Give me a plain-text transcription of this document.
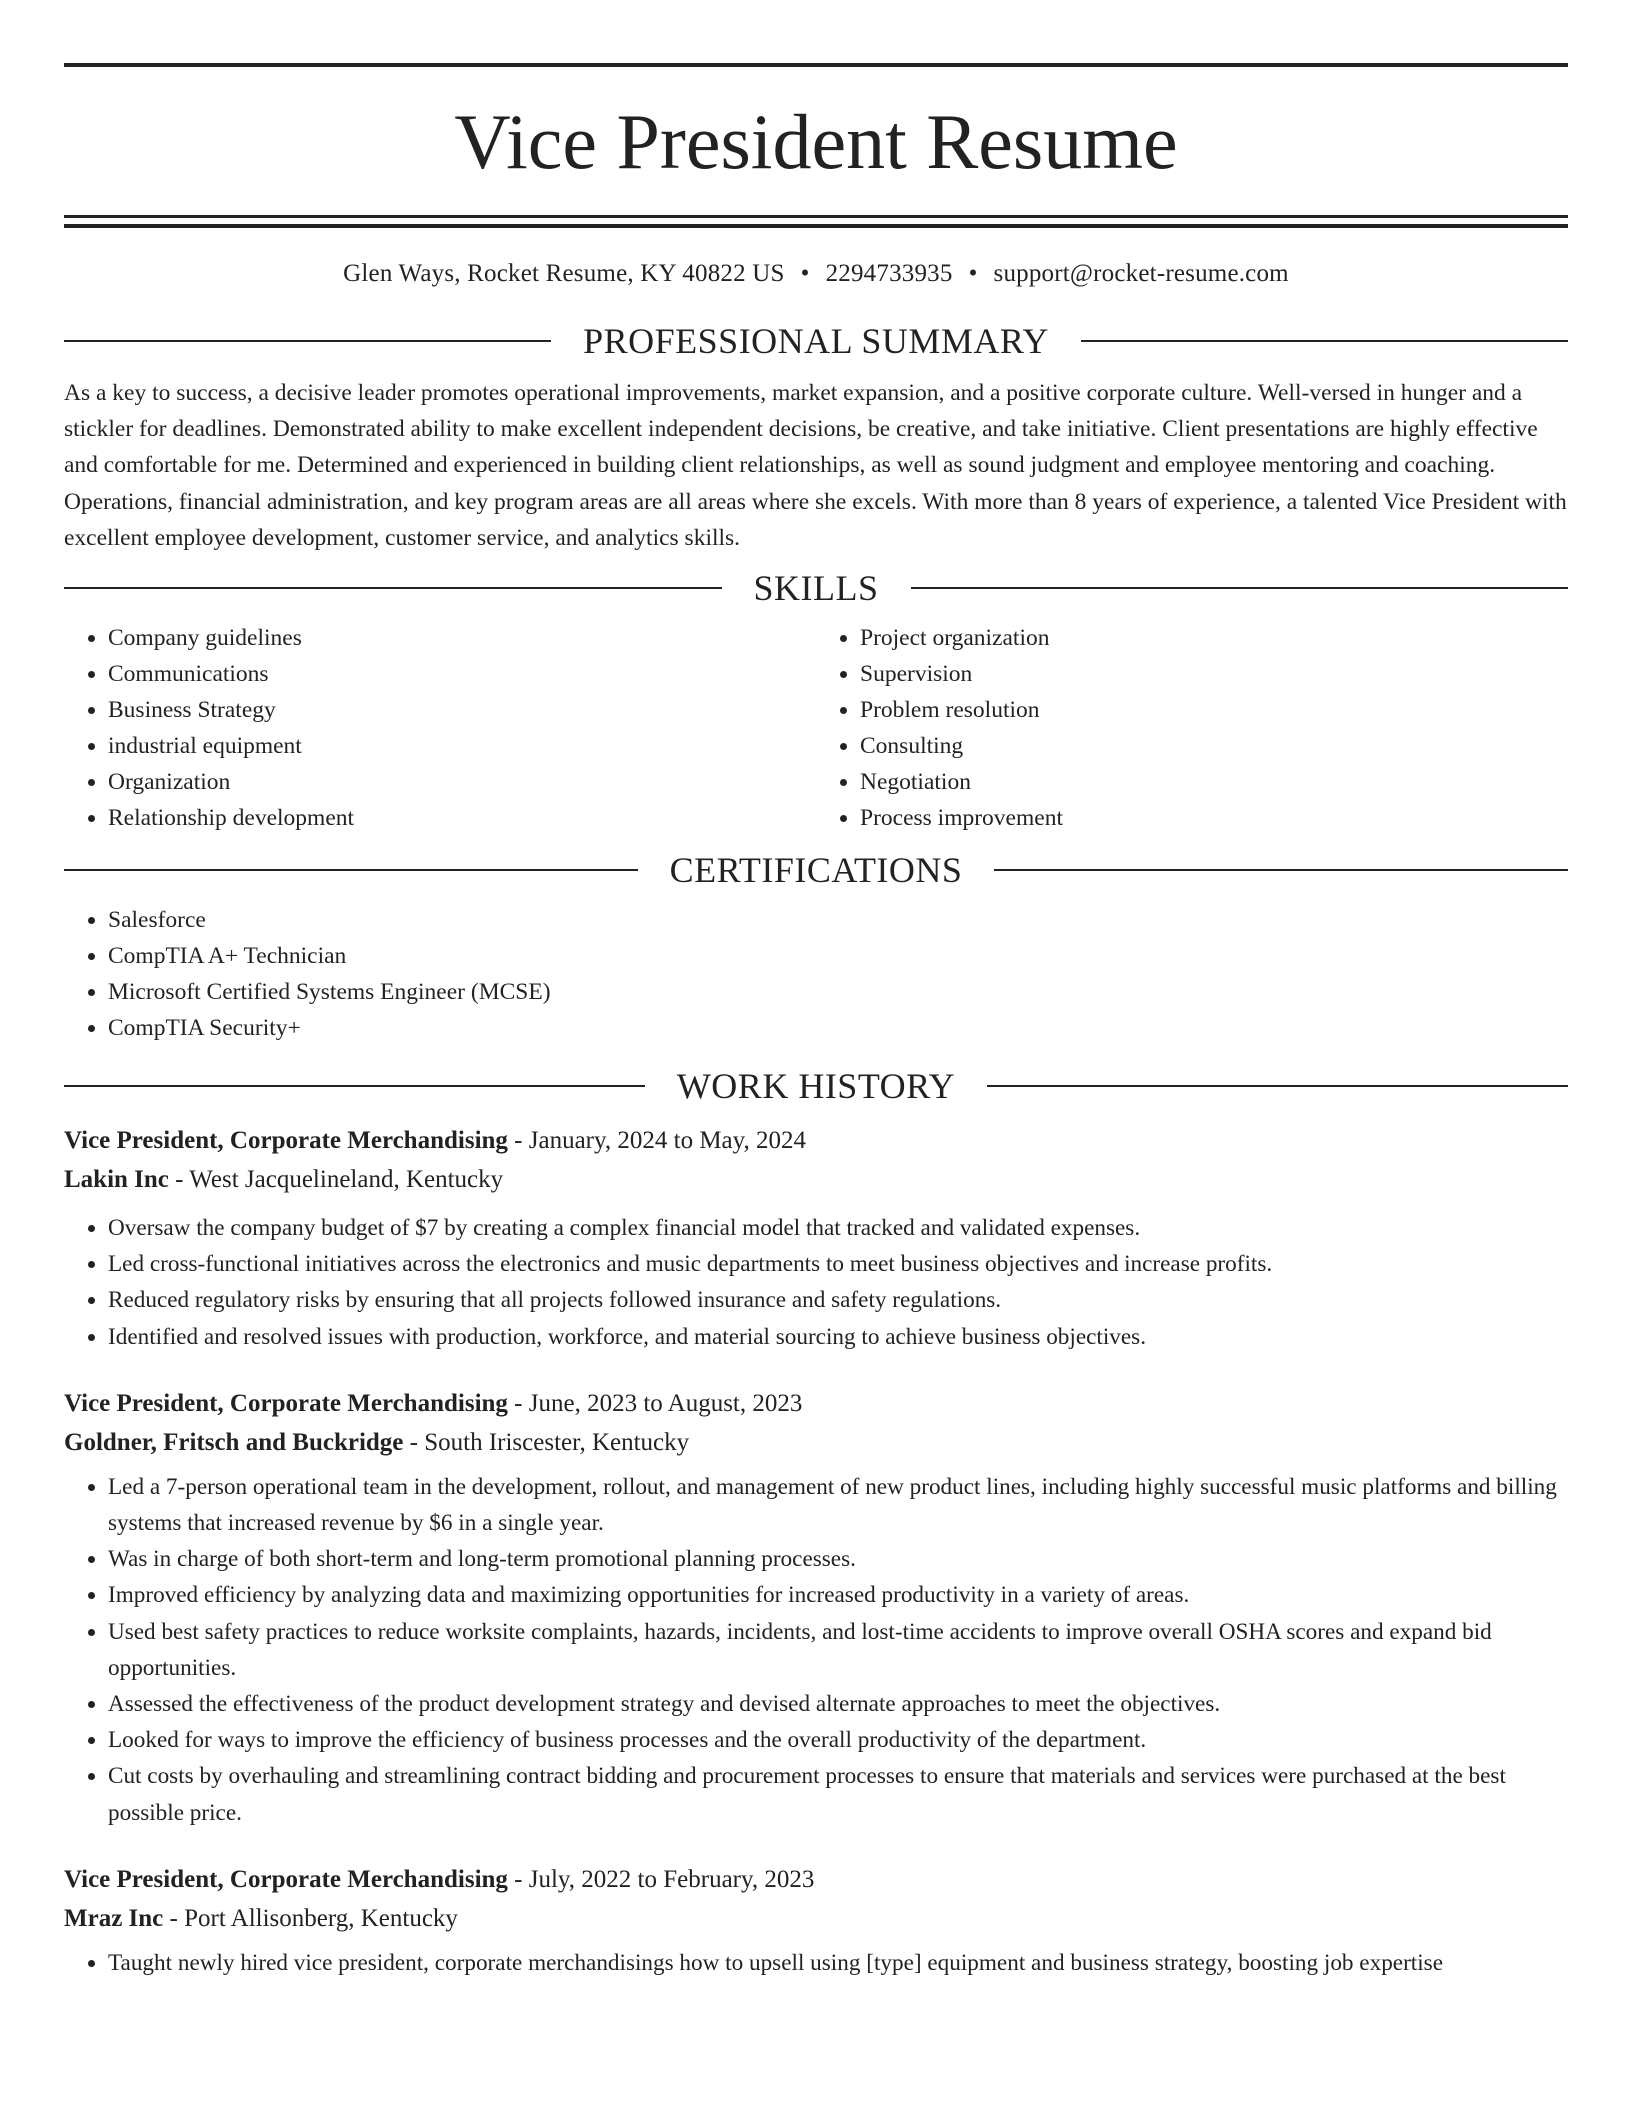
Vice President Resume
Glen Ways, Rocket Resume, KY 40822 US • 2294733935 • support@rocket-resume.com
PROFESSIONAL SUMMARY

As a key to success, a decisive leader promotes operational improvements, market expansion, and a positive corporate culture. Well-versed in hunger and a stickler for deadlines. Demonstrated ability to make excellent independent decisions, be creative, and take initiative. Client presentations are highly effective and comfortable for me. Determined and experienced in building client relationships, as well as sound judgment and employee mentoring and coaching. Operations, financial administration, and key program areas are all areas where she excels. With more than 8 years of experience, a talented Vice President with excellent employee development, customer service, and analytics skills.

SKILLS
• Company guidelines
• Communications
• Business Strategy
• industrial equipment
• Organization
• Relationship development
• Project organization
• Supervision
• Problem resolution
• Consulting
• Negotiation
• Process improvement
CERTIFICATIONS
• Salesforce
• CompTIA A+ Technician
• Microsoft Certified Systems Engineer (MCSE)
• CompTIA Security+
WORK HISTORY
Vice President, Corporate Merchandising - January, 2024 to May, 2024
Lakin Inc - West Jacquelineland, Kentucky
• Oversaw the company budget of $7 by creating a complex financial model that tracked and validated expenses.
• Led cross-functional initiatives across the electronics and music departments to meet business objectives and increase profits.
• Reduced regulatory risks by ensuring that all projects followed insurance and safety regulations.
• Identified and resolved issues with production, workforce, and material sourcing to achieve business objectives.
Vice President, Corporate Merchandising - June, 2023 to August, 2023
Goldner, Fritsch and Buckridge - South Iriscester, Kentucky
• Led a 7-person operational team in the development, rollout, and management of new product lines, including highly successful music platforms and billing systems that increased revenue by $6 in a single year.
• Was in charge of both short-term and long-term promotional planning processes.
• Improved efficiency by analyzing data and maximizing opportunities for increased productivity in a variety of areas.
• Used best safety practices to reduce worksite complaints, hazards, incidents, and lost-time accidents to improve overall OSHA scores and expand bid opportunities.
• Assessed the effectiveness of the product development strategy and devised alternate approaches to meet the objectives.
• Looked for ways to improve the efficiency of business processes and the overall productivity of the department.
• Cut costs by overhauling and streamlining contract bidding and procurement processes to ensure that materials and services were purchased at the best possible price.
Vice President, Corporate Merchandising - July, 2022 to February, 2023
Mraz Inc - Port Allisonberg, Kentucky
• Taught newly hired vice president, corporate merchandisings how to upsell using [type] equipment and business strategy, boosting job expertise
